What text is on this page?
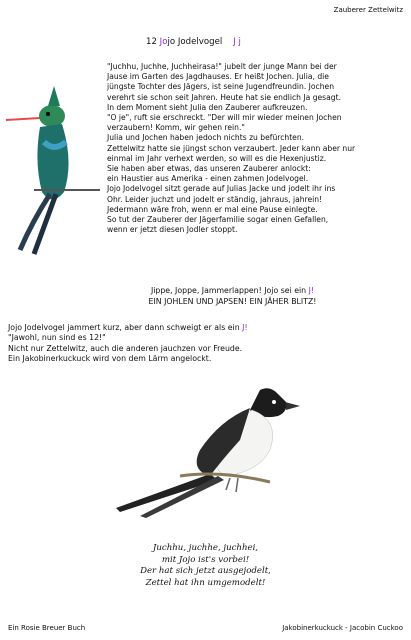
Zauberer Zettelwitz
12 Jojo Jodelvogel J j

"Juchhu, Juchhe, Juchheirasa!" jubelt der junge Mann bei der

Jause im Garten des Jagdhauses. Er heißt Jochen. Julia, die

jüngste Tochter des Jägers, ist seine Jugendfreundin. Jochen

verehrt sie schon seit Jahren. Heute hat sie endlich Ja gesagt.

In dem Moment sieht Julia den Zauberer aufkreuzen.

"O je", ruft sie erschreckt. "Der will mir wieder meinen Jochen

verzaubern! Komm, wir gehen rein."

Julia und Jochen haben jedoch nichts zu befürchten.

Zettelwitz hatte sie jüngst schon verzaubert. Jeder kann aber nur

einmal im Jahr verhext werden, so will es die Hexenjustiz.

Sie haben aber etwas, das unseren Zauberer anlockt:

ein Haustier aus Amerika - einen zahmen Jodelvogel.

Jojo Jodelvogel sitzt gerade auf Julias Jacke und jodelt ihr ins

Ohr. Leider juchzt und jodelt er ständig, jahraus, jahrein!

Jedermann wäre froh, wenn er mal eine Pause einlegte.

So tut der Zauberer der Jägerfamilie sogar einen Gefallen,

wenn er jetzt diesen Jodler stoppt.

Jippe, Joppe, Jammerlappen! Jojo sei ein J!

EIN JOHLEN UND JAPSEN! EIN JÄHER BLITZ!

Jojo Jodelvogel jammert kurz, aber dann schweigt er als ein J!

"Jawohl, nun sind es 12!"

Nicht nur Zettelwitz, auch die anderen jauchzen vor Freude.

Ein Jakobinerkuckuck wird von dem Lärm angelockt.

Juchhu, juchhe, juchhei,

mit Jojo ist's vorbei!

Der hat sich jetzt ausgejodelt,

Zettel hat ihn umgemodelt!

Ein Rosie Breuer Buch	Jakobinerkuckuck - Jacobin Cuckoo
